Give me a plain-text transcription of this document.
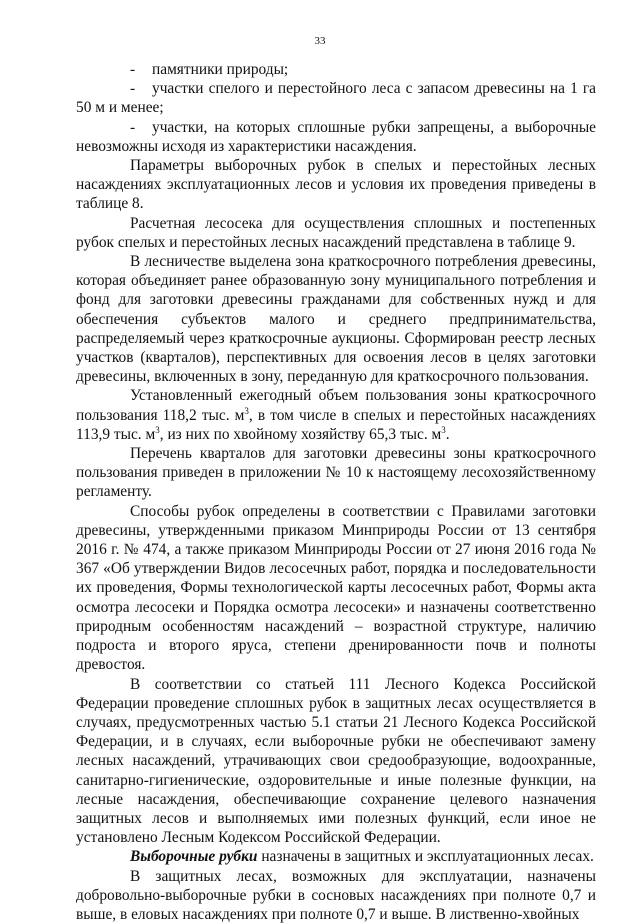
33

- памятники природы;

- участки спелого и перестойного леса с запасом древесины на 1 га 50 м и менее;

- участки, на которых сплошные рубки запрещены, а выборочные невозможны исходя из характеристики насаждения.

Параметры выборочных рубок в спелых и перестойных лесных насаждениях эксплуатационных лесов и условия их проведения приведены в таблице 8.

Расчетная лесосека для осуществления сплошных и постепенных рубок спелых и перестойных лесных насаждений представлена в таблице 9.

В лесничестве выделена зона краткосрочного потребления древесины, которая объединяет ранее образованную зону муниципального потребления и фонд для заготовки древесины гражданами для собственных нужд и для обеспечения субъектов малого и среднего предпринимательства, распределяемый через краткосрочные аукционы. Сформирован реестр лесных участков (кварталов), перспективных для освоения лесов в целях заготовки древесины, включенных в зону, переданную для краткосрочного пользования.

Установленный ежегодный объем пользования зоны краткосрочного пользования 118,2 тыс. $м^3$, в том числе в спелых и перестойных насаждениях 113,9 тыс. $м^3$, из них по хвойному хозяйству 65,3 тыс. $м^3$.

Перечень кварталов для заготовки древесины зоны краткосрочного пользования приведен в приложении № 10 к настоящему лесохозяйственному регламенту.

Способы рубок определены в соответствии с Правилами заготовки древесины, утвержденными приказом Минприроды России от 13 сентября 2016 г. № 474, а также приказом Минприроды России от 27 июня 2016 года № 367 «Об утверждении Видов лесосечных работ, порядка и последовательности их проведения, Формы технологической карты лесосечных работ, Формы акта осмотра лесосеки и Порядка осмотра лесосеки» и назначены соответственно природным особенностям насаждений – возрастной структуре, наличию подроста и второго яруса, степени дренированности почв и полноты древостоя.

В соответствии со статьей 111 Лесного Кодекса Российской Федерации проведение сплошных рубок в защитных лесах осуществляется в случаях, предусмотренных частью 5.1 статьи 21 Лесного Кодекса Российской Федерации, и в случаях, если выборочные рубки не обеспечивают замену лесных насаждений, утрачивающих свои средообразующие, водоохранные, санитарно-гигиенические, оздоровительные и иные полезные функции, на лесные насаждения, обеспечивающие сохранение целевого назначения защитных лесов и выполняемых ими полезных функций, если иное не установлено Лесным Кодексом Российской Федерации.

Выборочные рубки назначены в защитных и эксплуатационных лесах.

В защитных лесах, возможных для эксплуатации, назначены добровольно-выборочные рубки в сосновых насаждениях при полноте 0,7 и выше, в еловых насаждениях при полноте 0,7 и выше. В лиственно-хвойных
